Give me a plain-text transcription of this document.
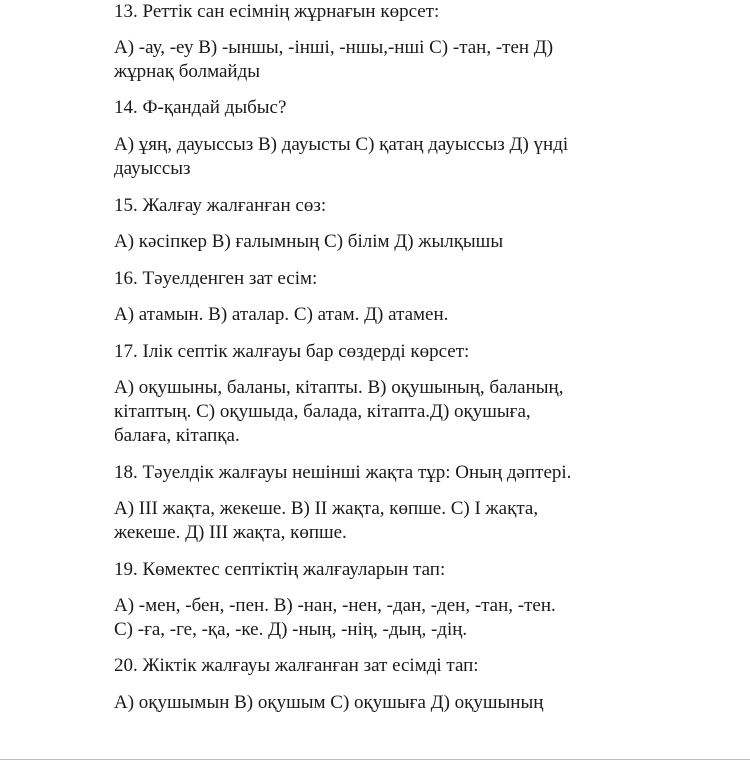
13. Реттік сан есімнің жұрнағын көрсет:

А) -ау, -еу В) -ыншы, -інші, -ншы,-нші С) -тан, -тен Д)

жұрнақ болмайды

14. Ф-қандай дыбыс?

А) ұяң, дауыссыз В) дауысты С) қатаң дауыссыз Д) үнді

дауыссыз

15. Жалғау жалғанған сөз:

А) кәсіпкер В) ғалымның С) білім Д) жылқышы

16. Тәуелденген зат есім:

А) атамын. В) аталар. С) атам. Д) атамен.

17. Ілік септік жалғауы бар сөздерді көрсет:

А) оқушыны, баланы, кітапты. В) оқушының, баланың,

кітаптың. С) оқушыда, балада, кітапта.Д) оқушыға,

балаға, кітапқа.

18. Тәуелдік жалғауы нешінші жақта тұр: Оның дәптері.

А) ІІІ жақта, жекеше. В) ІІ жақта, көпше. С) І жақта,

жекеше. Д) ІІІ жақта, көпше.

19. Көмектес септіктің жалғауларын тап:

А) -мен, -бен, -пен. В) -нан, -нен, -дан, -ден, -тан, -тен.

С) -ға, -ге, -қа, -ке. Д) -ның, -нің, -дың, -дің.

20. Жіктік жалғауы жалғанған зат есімді тап:

А) оқушымын В) оқушым С) оқушыға Д) оқушының
